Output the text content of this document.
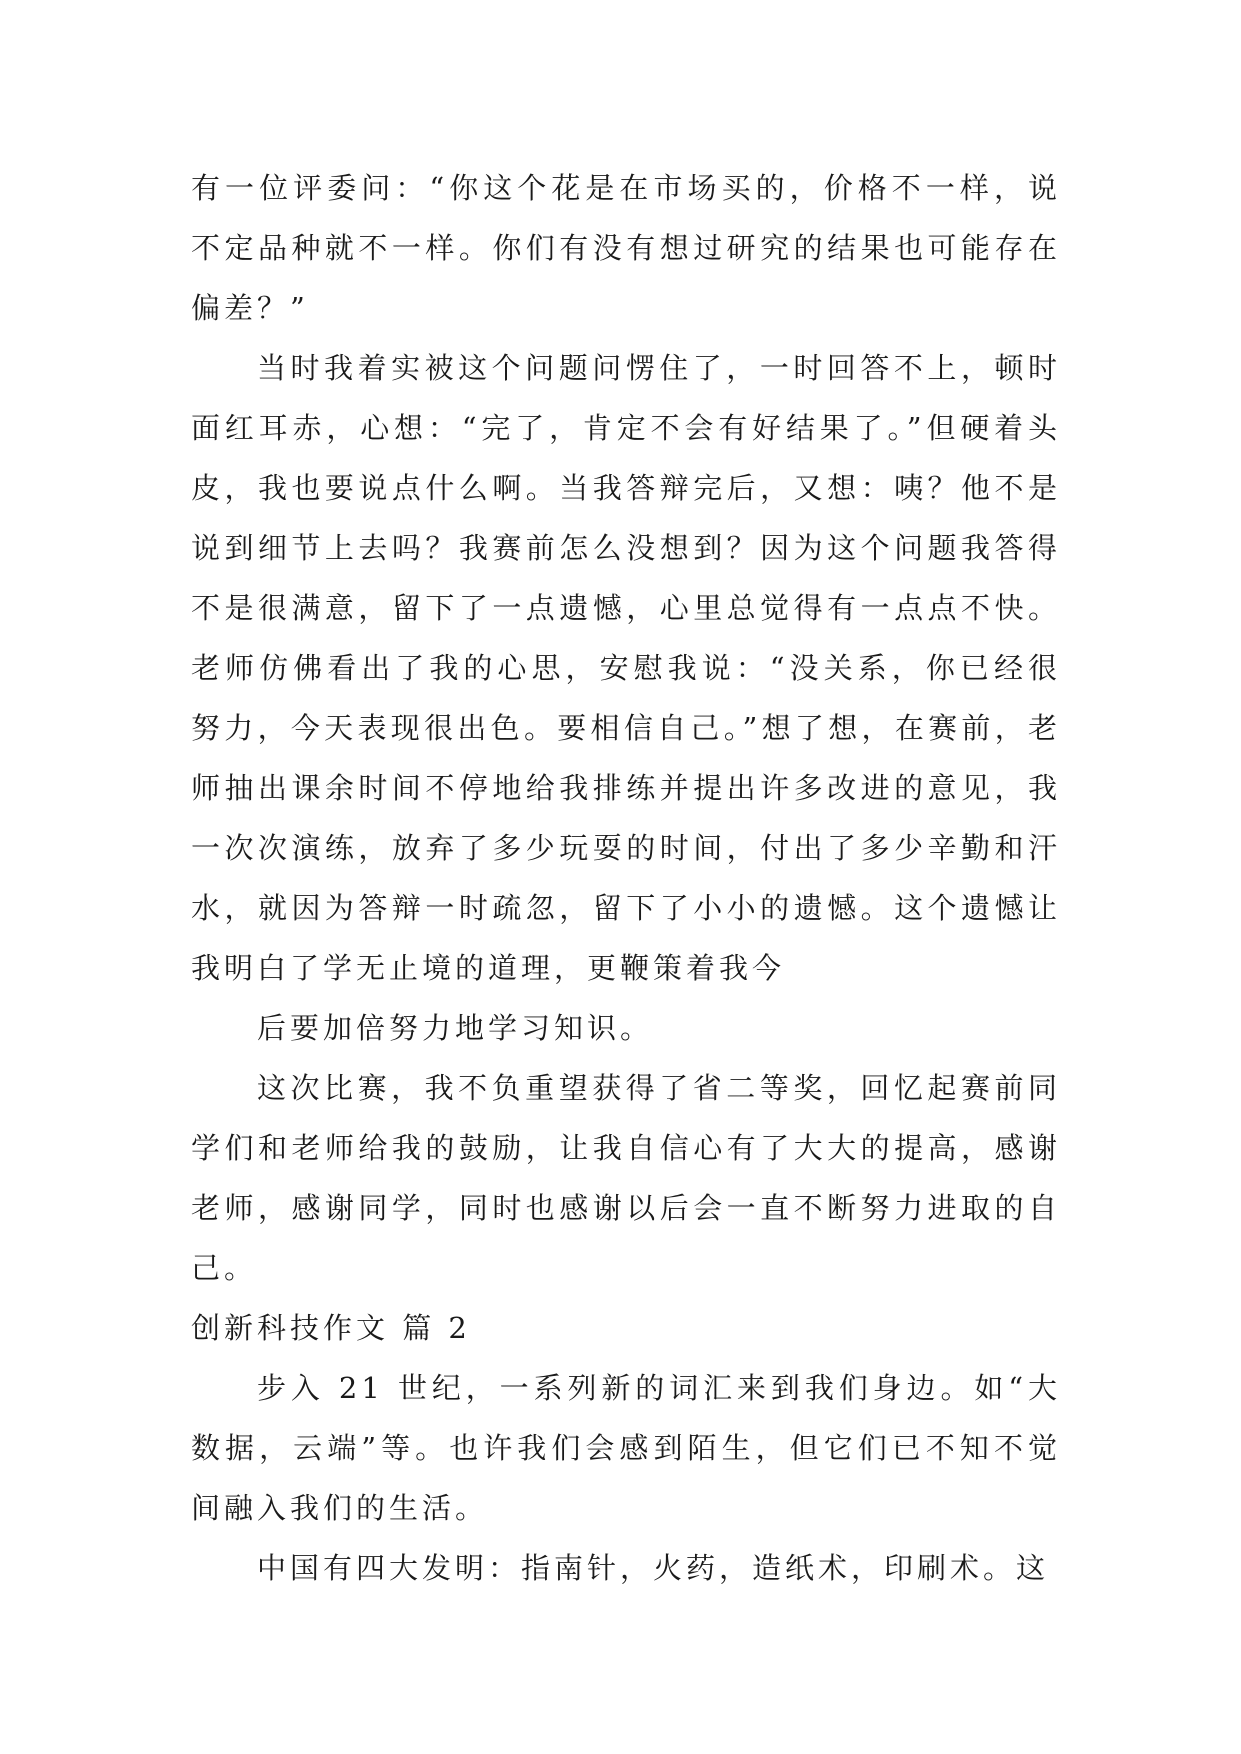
有一位评委问：“你这个花是在市场买的，价格不一样，说不定品种就不一样。你们有没有想过研究的结果也可能存在偏差？”

当时我着实被这个问题问愣住了，一时回答不上，顿时面红耳赤，心想：“完了，肯定不会有好结果了。”但硬着头皮，我也要说点什么啊。当我答辩完后，又想：咦？他不是说到细节上去吗？我赛前怎么没想到？因为这个问题我答得不是很满意，留下了一点遗憾，心里总觉得有一点点不快。老师仿佛看出了我的心思，安慰我说：“没关系，你已经很努力，今天表现很出色。要相信自己。”想了想，在赛前，老师抽出课余时间不停地给我排练并提出许多改进的意见，我一次次演练，放弃了多少玩耍的时间，付出了多少辛勤和汗水，就因为答辩一时疏忽，留下了小小的遗憾。这个遗憾让我明白了学无止境的道理，更鞭策着我今

后要加倍努力地学习知识。

这次比赛，我不负重望获得了省二等奖，回忆起赛前同学们和老师给我的鼓励，让我自信心有了大大的提高，感谢老师，感谢同学，同时也感谢以后会一直不断努力进取的自己。

创新科技作文 篇 2

步入 21 世纪，一系列新的词汇来到我们身边。如“大数据，云端”等。也许我们会感到陌生，但它们已不知不觉间融入我们的生活。

中国有四大发明：指南针，火药，造纸术，印刷术。这
